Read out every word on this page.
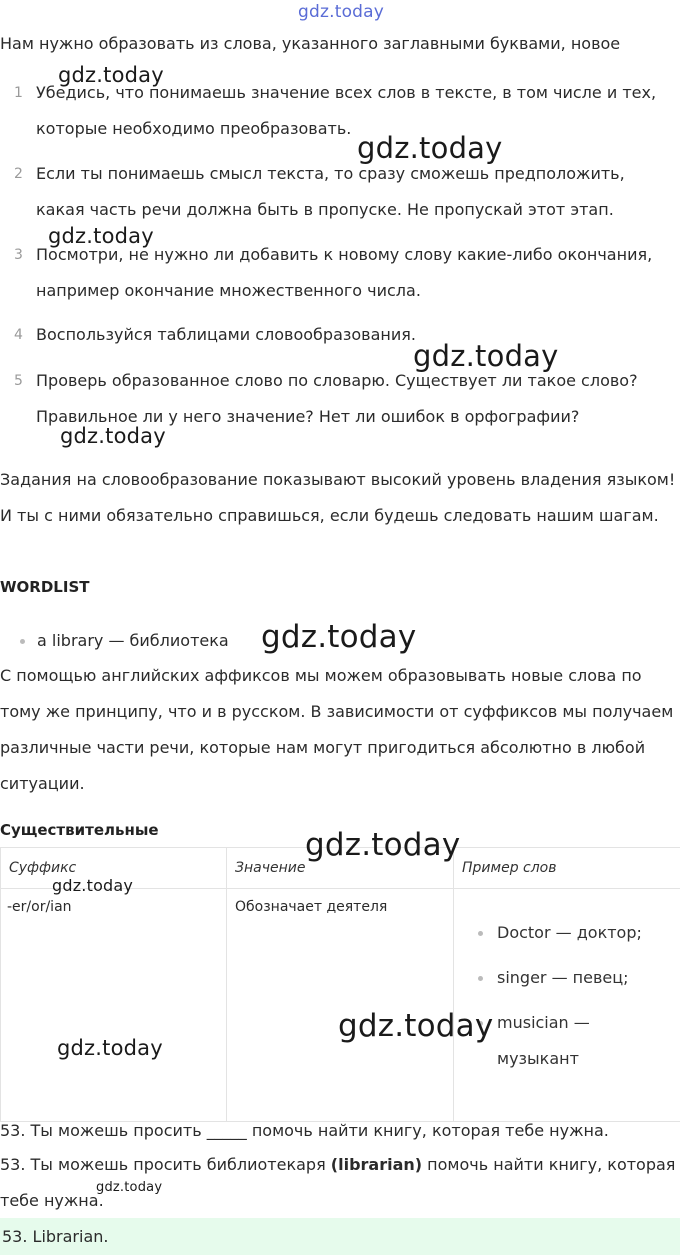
gdz.today
gdz.today
gdz.today
gdz.today
gdz.today
gdz.today
gdz.today
gdz.today
gdz.today
gdz.today
gdz.today
gdz.today

Нам нужно образовать из слова, указанного заглавными буквами, новое

1 Убедись, что понимаешь значение всех слов в тексте, в том числе и тех, которые необходимо преобразовать.
2 Если ты понимаешь смысл текста, то сразу сможешь предположить, какая часть речи должна быть в пропуске. Не пропускай этот этап.
3 Посмотри, не нужно ли добавить к новому слову какие-либо окончания, например окончание множественного числа.
4 Воспользуйся таблицами словообразования.
5 Проверь образованное слово по словарю. Существует ли такое слово? Правильное ли у него значение? Нет ли ошибок в орфографии?

Задания на словообразование показывают высокий уровень владения языком! И ты с ними обязательно справишься, если будешь следовать нашим шагам.

WORDLIST
a library — библиотека

С помощью английских аффиксов мы можем образовывать новые слова по тому же принципу, что и в русском. В зависимости от суффиксов мы получаем различные части речи, которые нам могут пригодиться абсолютно в любой ситуации.

Существительные
Суффикс	Значение	Пример слов
-er/or/ian	Обозначает деятеля	Doctor — доктор;
singer — певец;
musician —
музыкант

53. Ты можешь просить _____ помочь найти книгу, которая тебе нужна.

53. Ты можешь просить библиотекаря (librarian) помочь найти книгу, которая
тебе нужна.
53. Librarian.
